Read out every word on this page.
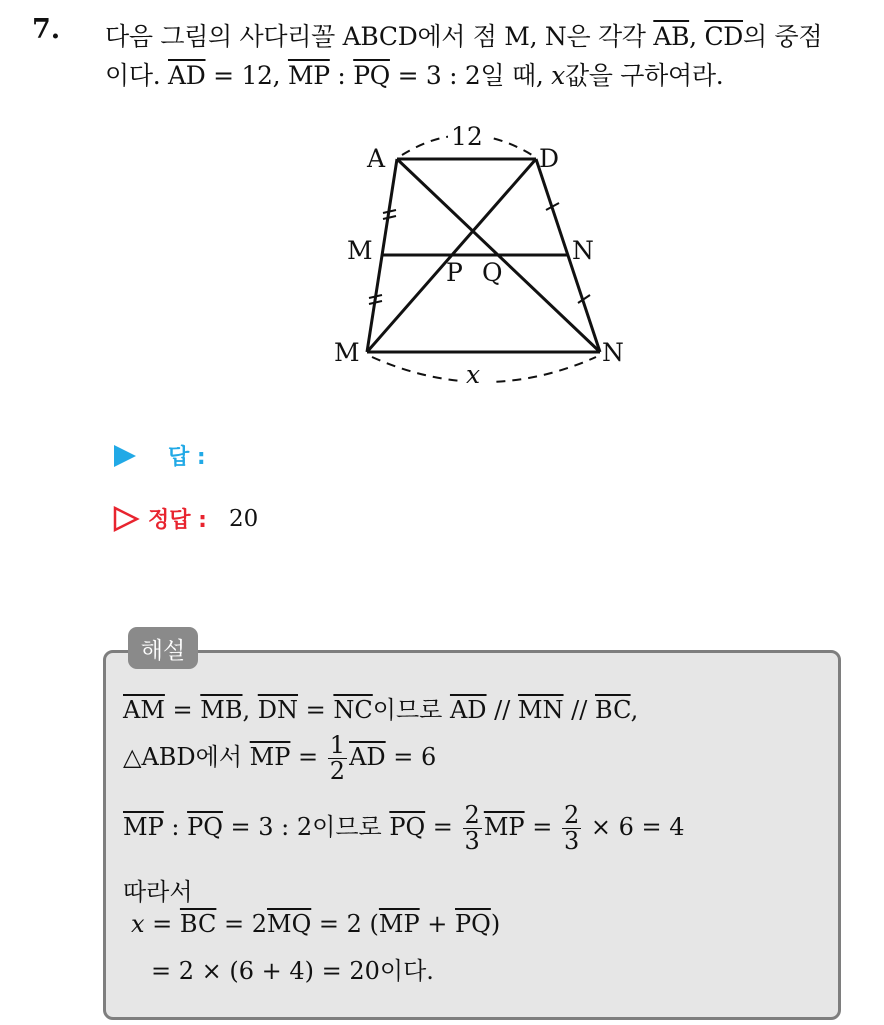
7. 다음 그림의 사다리꼴 ABCD에서 점 M, N은 각각 $\overline{AB}$, $\overline{CD}$의 중점
이다. $\overline{AD} = 12$, $\overline{MP}$ : $\overline{PQ} = 3$ : 2일 때, x값을 구하여라.
A	D
M	N
P Q
M	N
12
x
답 :
정답 : 20
해설
$\overline{AM} = \overline{MB}$, $\overline{DN} = \overline{NC}$이므로 $\overline{AD} // \overline{MN} // \overline{BC}$,
△ABD에서 $\overline{MP} = \frac{1}{2} \overline{AD} = 6$
$\overline{MP}$ : $\overline{PQ} = 3$ : 2이므로 $\overline{PQ} = \frac{2}{3} \overline{MP} = \frac{2}{3} \times 6 = 4$
따라서
$x = \overline{BC} = 2\overline{MQ} = 2$ $(\overline{MP} + \overline{PQ})$
= 2 × (6 + 4) = 20이다.
